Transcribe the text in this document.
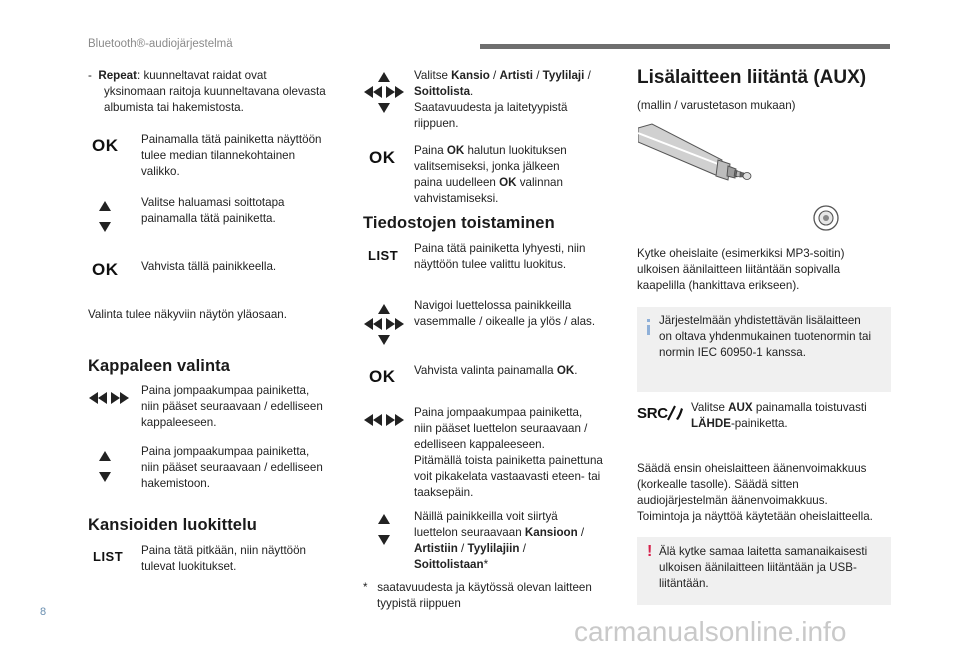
Bluetooth®-audiojärjestelmä
- Repeat: kuunneltavat raidat ovat
yksinomaan raitoja kuunneltavana olevasta
albumista tai hakemistosta.
OK Painamalla tätä painiketta näyttöön
tulee median tilannekohtainen
valikko.
Valitse haluamasi soittotapa
painamalla tätä painiketta.
OK Vahvista tällä painikkeella.
Valinta tulee näkyviin näytön yläosaan.
Kappaleen valinta
Paina jompaakumpaa painiketta,
niin pääset seuraavaan / edelliseen
kappaleeseen.
Paina jompaakumpaa painiketta,
niin pääset seuraavaan / edelliseen
hakemistoon.
Kansioiden luokittelu
LIST Paina tätä pitkään, niin näyttöön
tulevat luokitukset.
Valitse Kansio / Artisti / Tyylilaji /
Soittolista.
Saatavuudesta ja laitetyypistä
riippuen.
OK Paina OK halutun luokituksen
valitsemiseksi, jonka jälkeen
paina uudelleen OK valinnan
vahvistamiseksi.
Tiedostojen toistaminen
LIST Paina tätä painiketta lyhyesti, niin
näyttöön tulee valittu luokitus.
Navigoi luettelossa painikkeilla
vasemmalle / oikealle ja ylös / alas.
OK Vahvista valinta painamalla OK.
Paina jompaakumpaa painiketta,
niin pääset luettelon seuraavaan /
edelliseen kappaleeseen.
Pitämällä toista painiketta painettuna
voit pikakelata vastaavasti eteen- tai
taaksepäin.
Näillä painikkeilla voit siirtyä
luettelon seuraavaan Kansioon /
Artistiin / Tyylilajiin /
Soittolistaan*
* saatavuudesta ja käytössä olevan laitteen
tyypistä riippuen
Lisälaitteen liitäntä (AUX)
(mallin / varustetason mukaan)
Kytke oheislaite (esimerkiksi MP3-soitin)
ulkoisen äänilaitteen liitäntään sopivalla
kaapelilla (hankittava erikseen).
Järjestelmään yhdistettävän lisälaitteen
on oltava yhdenmukainen tuotenormin tai
normin IEC 60950-1 kanssa.
SRC Valitse AUX painamalla toistuvasti
LÄHDE-painiketta.
Säädä ensin oheislaitteen äänenvoimakkuus
(korkealle tasolle). Säädä sitten
audiojärjestelmän äänenvoimakkuus.
Toimintoja ja näyttöä käytetään oheislaitteella.
! Älä kytke samaa laitetta samanaikaisesti
ulkoisen äänilaitteen liitäntään ja USB-
liitäntään.
8
carmanualsonline.info
